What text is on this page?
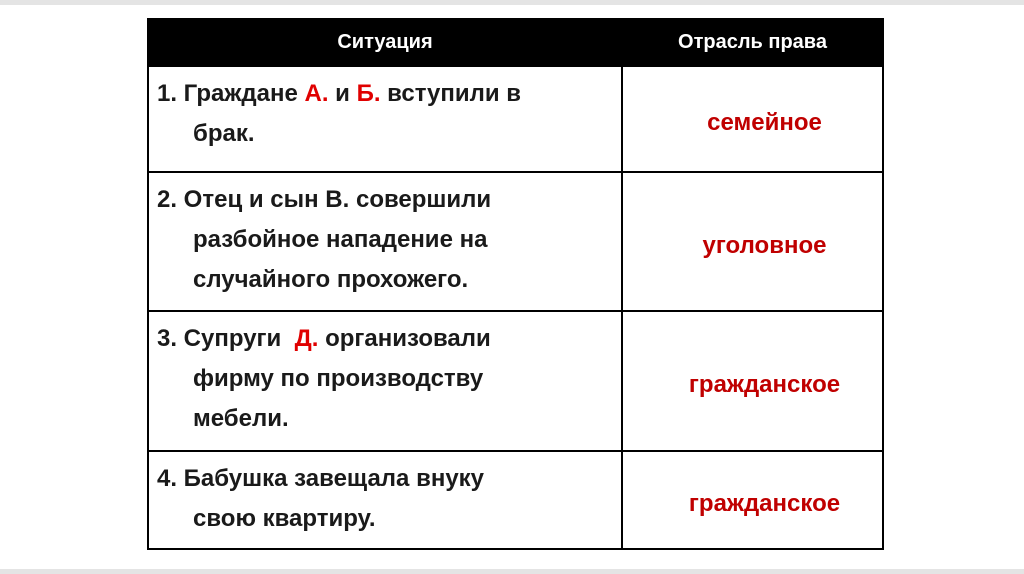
Ситуация	Отрасль права

1. Граждане А. и Б. вступили в
брак.	семейное

2. Отец и сын В. совершили
разбойное нападение на
случайного прохожего.	уголовное

3. Супруги  Д. организовали
фирму по производству
мебели.	гражданское

4. Бабушка завещала внуку
свою квартиру.	гражданское
